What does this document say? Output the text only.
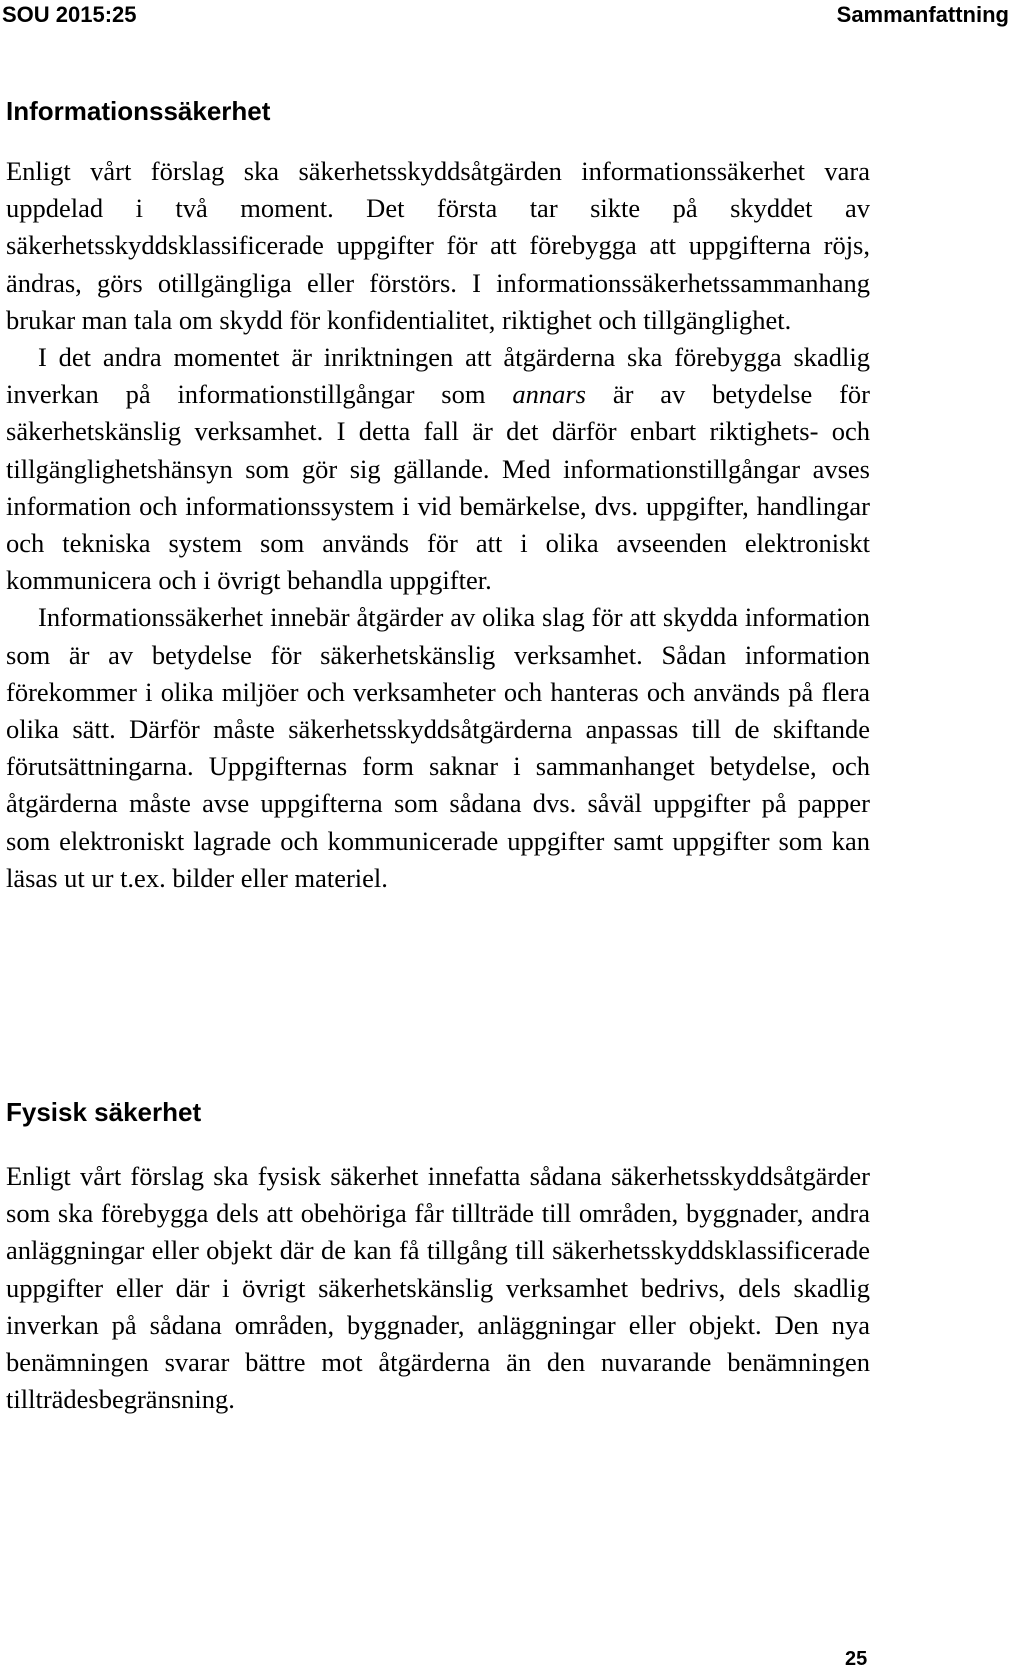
SOU 2015:25	Sammanfattning
Informationssäkerhet

Enligt vårt förslag ska säkerhetsskyddsåtgärden informationssäkerhet vara uppdelad i två moment. Det första tar sikte på skyddet av säkerhetsskyddsklassificerade uppgifter för att förebygga att uppgifterna röjs, ändras, görs otillgängliga eller förstörs. I informationssäkerhetssammanhang brukar man tala om skydd för konfidentialitet, riktighet och tillgänglighet.

I det andra momentet är inriktningen att åtgärderna ska förebygga skadlig inverkan på informationstillgångar som annars är av betydelse för säkerhetskänslig verksamhet. I detta fall är det därför enbart riktighets- och tillgänglighetshänsyn som gör sig gällande. Med informationstillgångar avses information och informationssystem i vid bemärkelse, dvs. uppgifter, handlingar och tekniska system som används för att i olika avseenden elektroniskt kommunicera och i övrigt behandla uppgifter.

Informationssäkerhet innebär åtgärder av olika slag för att skydda information som är av betydelse för säkerhetskänslig verksamhet. Sådan information förekommer i olika miljöer och verksamheter och hanteras och används på flera olika sätt. Därför måste säkerhetsskyddsåtgärderna anpassas till de skiftande förutsättningarna. Uppgifternas form saknar i sammanhanget betydelse, och åtgärderna måste avse uppgifterna som sådana dvs. såväl uppgifter på papper som elektroniskt lagrade och kommunicerade uppgifter samt uppgifter som kan läsas ut ur t.ex. bilder eller materiel.

Fysisk säkerhet

Enligt vårt förslag ska fysisk säkerhet innefatta sådana säkerhetsskyddsåtgärder som ska förebygga dels att obehöriga får tillträde till områden, byggnader, andra anläggningar eller objekt där de kan få tillgång till säkerhetsskyddsklassificerade uppgifter eller där i övrigt säkerhetskänslig verksamhet bedrivs, dels skadlig inverkan på sådana områden, byggnader, anläggningar eller objekt. Den nya benämningen svarar bättre mot åtgärderna än den nuvarande benämningen tillträdesbegränsning.

25
